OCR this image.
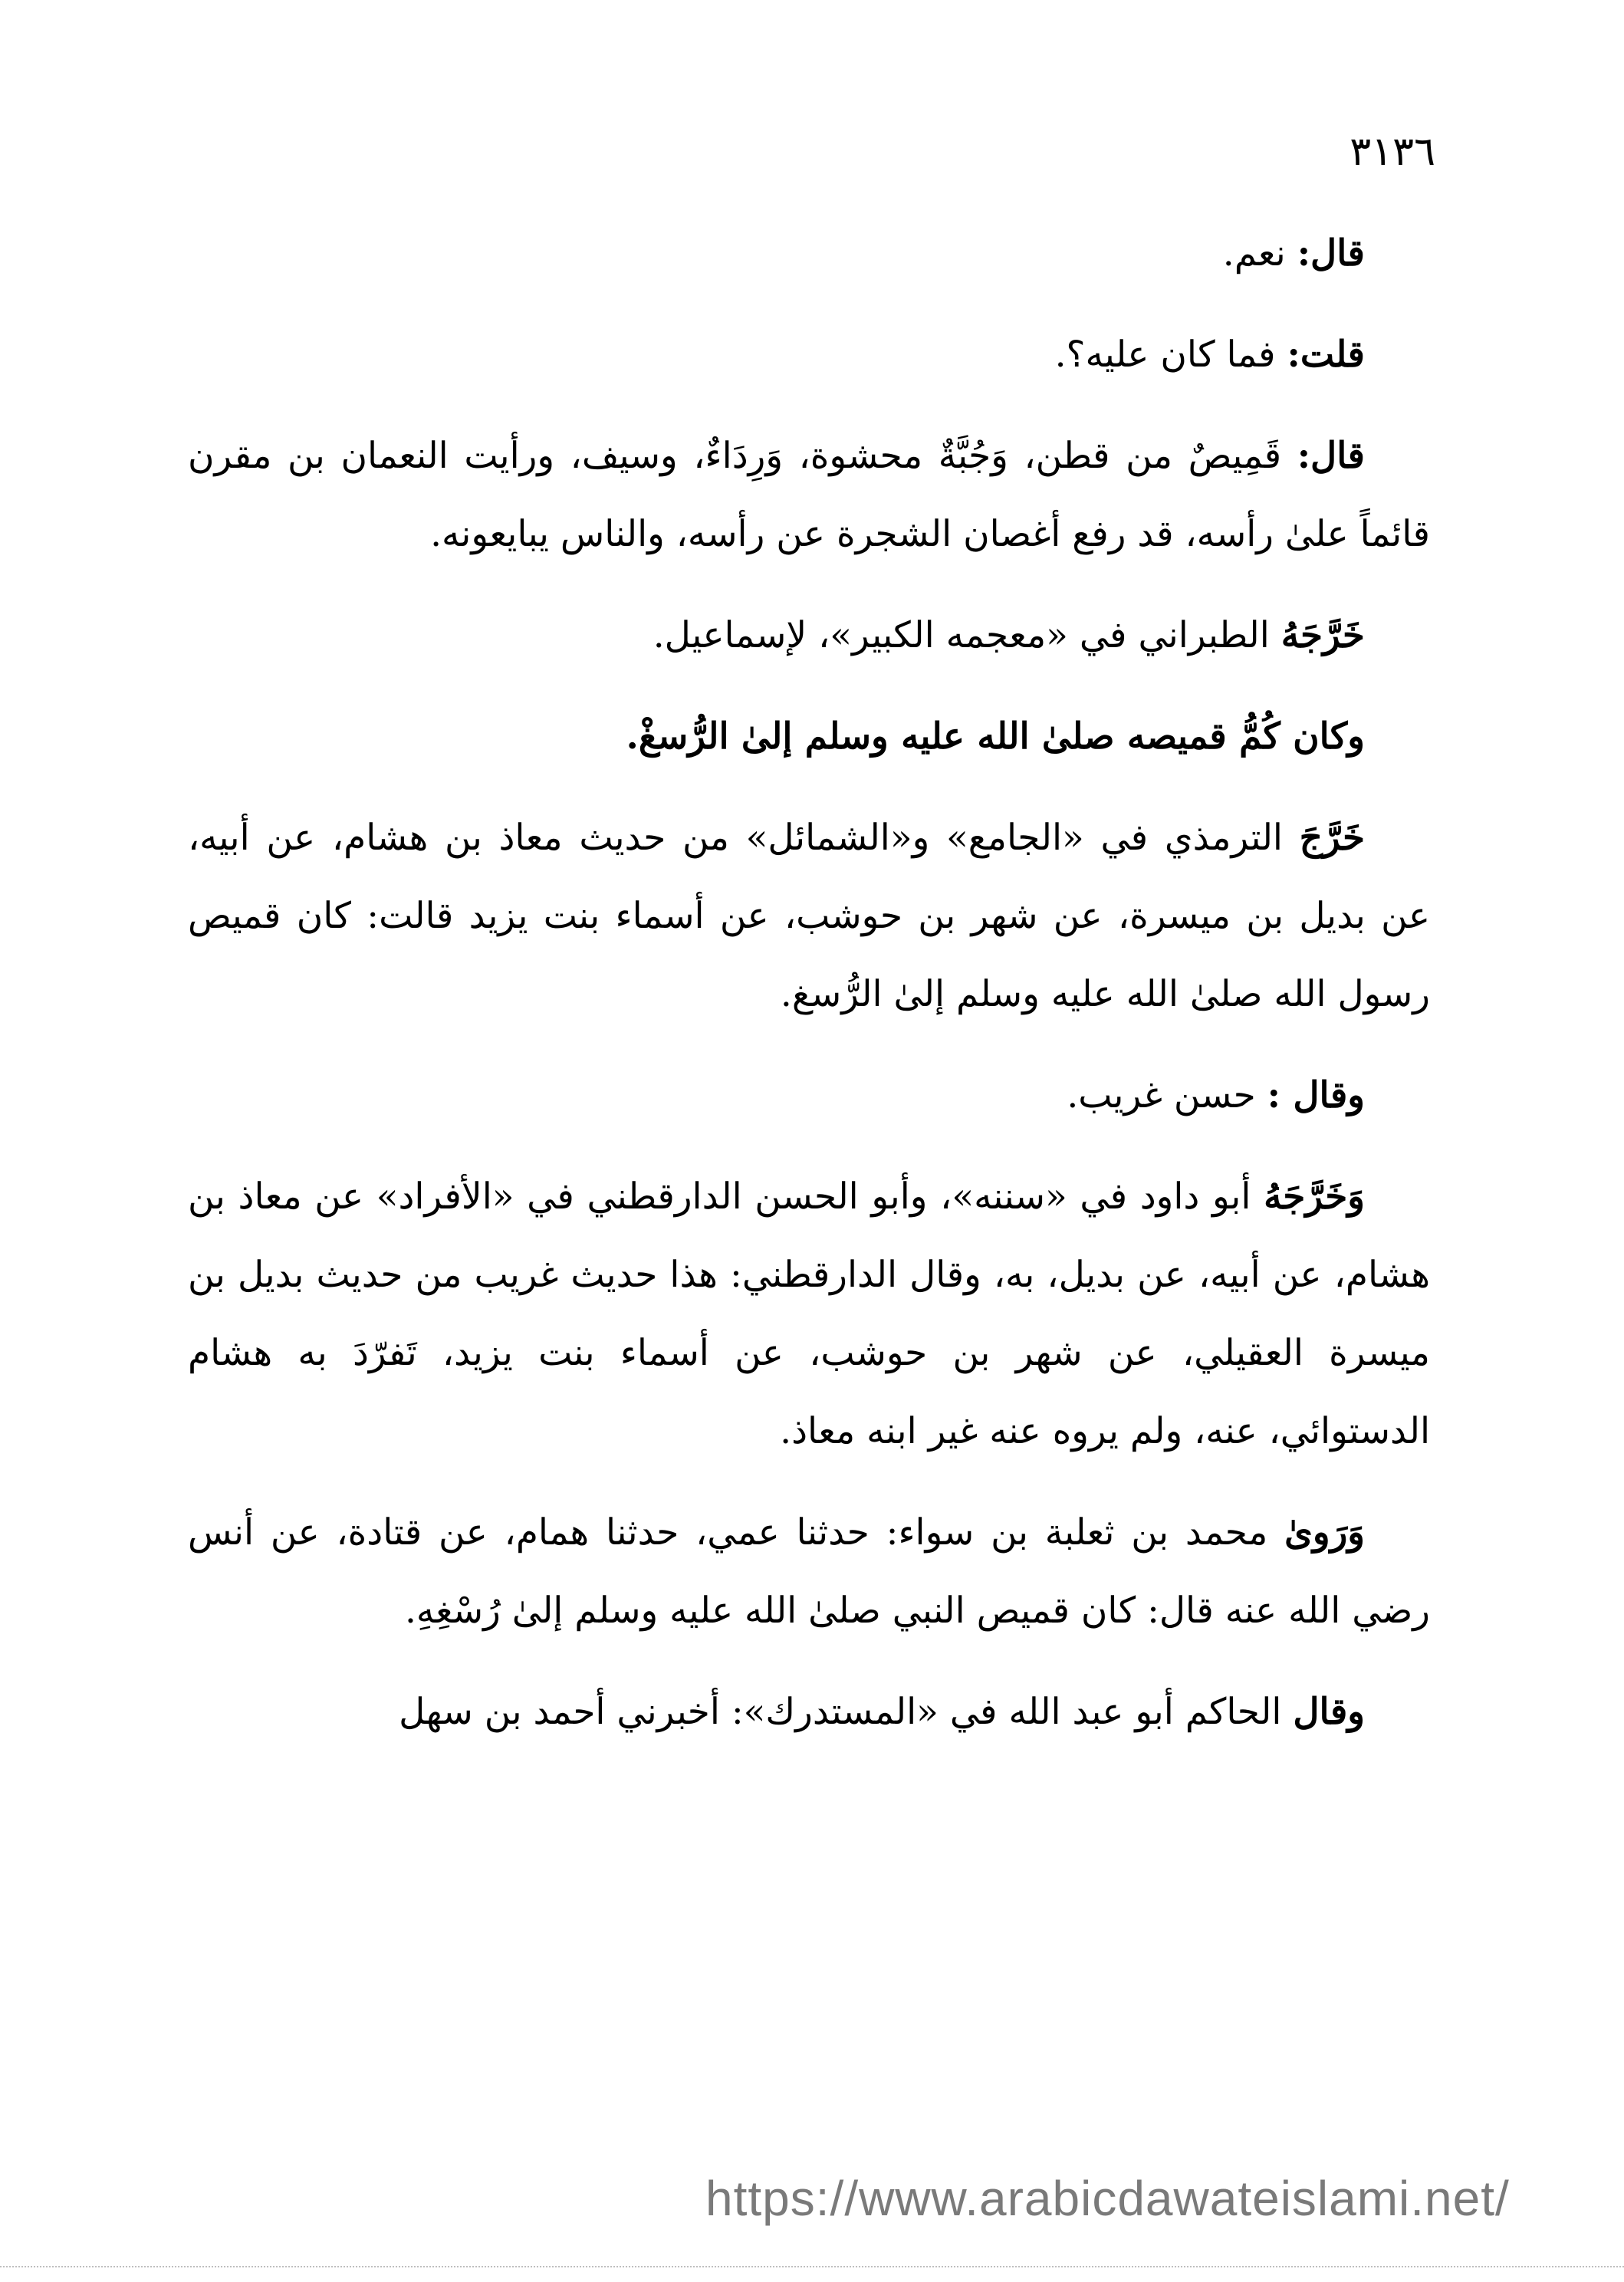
٣١٣٦

قال: نعم.

قلت: فما كان عليه؟.

قال: قَمِيصٌ من قطن، وَجُبَّةٌ محشوة، وَرِدَاءٌ، وسيف، ورأيت النعمان بن مقرن قائماً علىٰ رأسه، قد رفع أغصان الشجرة عن رأسه، والناس يبايعونه.

خَرَّجَهُ الطبراني في «معجمه الكبير»، لإسماعيل.

وكان كُمُّ قميصه صلىٰ الله عليه وسلم إلىٰ الرُّسغْ.

خَرَّجَ الترمذي في «الجامع» و«الشمائل» من حديث معاذ بن هشام، عن أبيه، عن بديل بن ميسرة، عن شهر بن حوشب، عن أسماء بنت يزيد قالت: كان قميص رسول الله صلىٰ الله عليه وسلم إلىٰ الرُّسغ.

وقال : حسن غريب.

وَخَرَّجَهُ أبو داود في «سننه»، وأبو الحسن الدارقطني في «الأفراد» عن معاذ بن هشام، عن أبيه، عن بديل، به، وقال الدارقطني: هذا حديث غريب من حديث بديل بن ميسرة العقيلي، عن شهر بن حوشب، عن أسماء بنت يزيد، تَفرّدَ به هشام الدستوائي، عنه، ولم يروه عنه غير ابنه معاذ.

وَرَوىٰ محمد بن ثعلبة بن سواء: حدثنا عمي، حدثنا همام، عن قتادة، عن أنس رضي الله عنه قال: كان قميص النبي صلىٰ الله عليه وسلم إلىٰ رُسْغِهِ.

وقال الحاكم أبو عبد الله في «المستدرك»: أخبرني أحمد بن سهل

https://www.arabicdawateislami.net/
